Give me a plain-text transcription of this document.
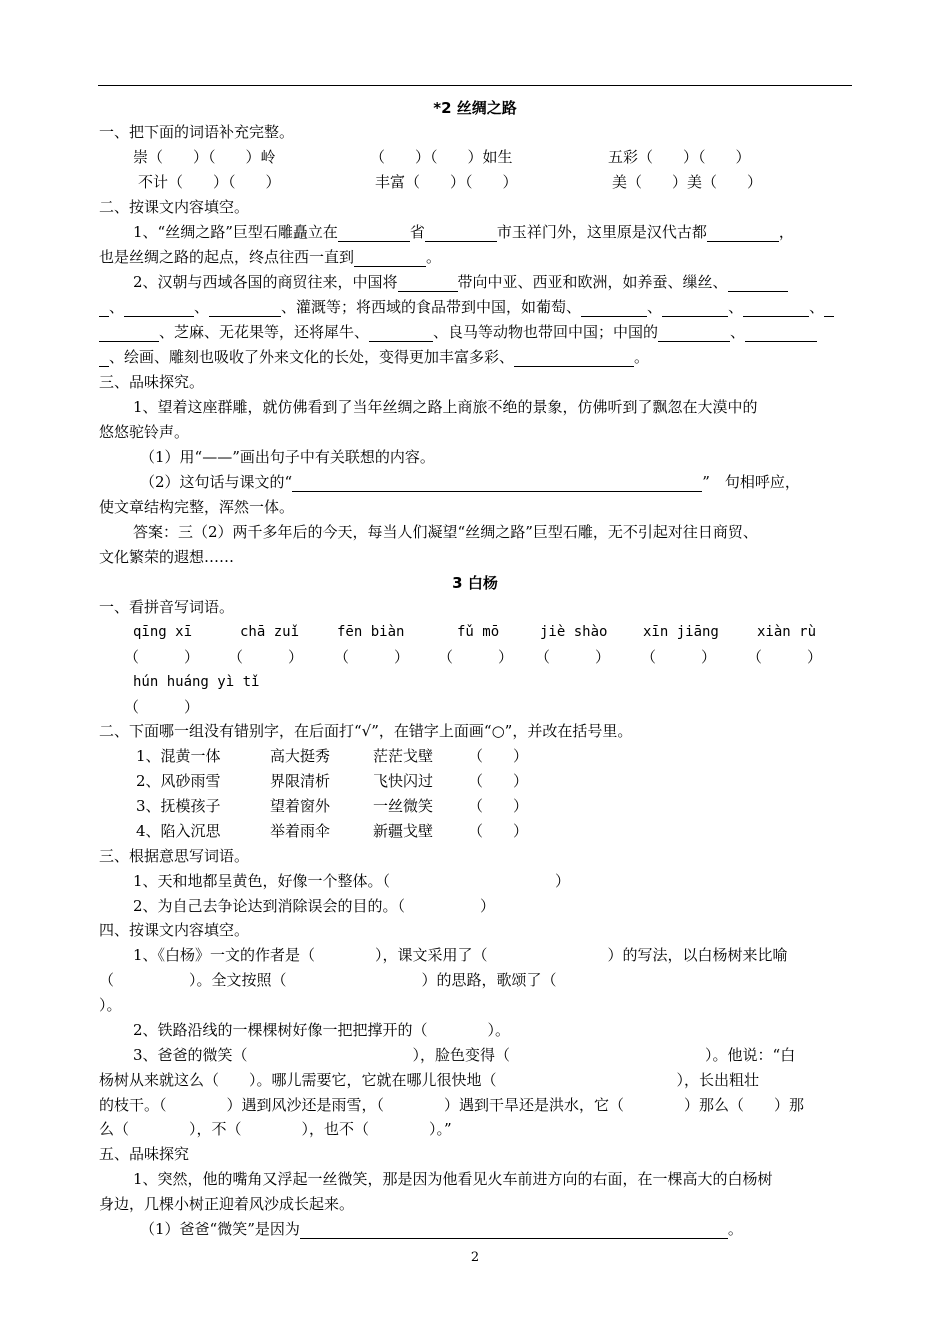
*2 丝绸之路
一、把下面的词语补充完整。
崇（　　）（　　）岭	（　　）（　　）如生	五彩（　　）（　　）
不计（　　）（　　）	丰富（　　）（　　）	美（　　）美（　　）
二、按课文内容填空。
1、“丝绸之路”巨型石雕矗立在	省	市玉祥门外，这里原是汉代古都	，
也是丝绸之路的起点，终点往西一直到	。
2、汉朝与西域各国的商贸往来，中国将	带向中亚、西亚和欧洲，如养蚕、缫丝、
、	、	、灌溉等；将西域的食品带到中国，如葡萄、	、	、	、
、芝麻、无花果等，还将犀牛、	、良马等动物也带回中国；中国的	、
、绘画、雕刻也吸收了外来文化的长处，变得更加丰富多彩、	。
三、品味探究。
1、望着这座群雕，就仿佛看到了当年丝绸之路上商旅不绝的景象，仿佛听到了飘忽在大漠中的
悠悠驼铃声。
（1）用“——”画出句子中有关联想的内容。
（2）这句话与课文的“	”　句相呼应，
使文章结构完整，浑然一体。
答案：三（2）两千多年后的今天，每当人们凝望“丝绸之路”巨型石雕，无不引起对往日商贸、
文化繁荣的遐想……
3 白杨
一、看拼音写词语。
qīng xī	chā zuǐ	fēn biàn	fǔ mō	jiè shào	xīn jiāng	xiàn rù
（　　　） （　　　） （　　　） （　　　） （　　　） （　　　） （　　　）
hún huáng yì tǐ
（　　　）
二、下面哪一组没有错别字，在后面打“√”，在错字上面画“○”，并改在括号里。
1、混黄一体	高大挺秀	茫茫戈壁 （　　）
2、风砂雨雪	界限清析	飞快闪过 （　　）
3、抚模孩子	望着窗外	一丝微笑 （　　）
4、陷入沉思	举着雨伞	新疆戈壁 （　　）
三、根据意思写词语。
1、天和地都呈黄色，好像一个整体。（　　　　　　　　　　　）
2、为自己去争论达到消除误会的目的。（　　　　　）
四、按课文内容填空。
1、《白杨》一文的作者是（　　　　），课文采用了（　　　　　　　　）的写法，以白杨树来比喻
（　　　　　）。全文按照（　　　　　　　　　）的思路，歌颂了（
）。
2、铁路沿线的一棵棵树好像一把把撑开的（　　　　）。
3、爸爸的微笑（　　　　　　　　　　　），脸色变得（　　　　　　　　　　　　　）。他说：“白
杨树从来就这么（　　）。哪儿需要它，它就在哪儿很快地（　　　　　　　　　　　　），长出粗壮
的枝干。（　　　　）遇到风沙还是雨雪，（　　　　）遇到干旱还是洪水，它（　　　　）那么（　　）那
么（　　　　），不（　　　　），也不（　　　　）。”
五、品味探究
1、突然，他的嘴角又浮起一丝微笑，那是因为他看见火车前进方向的右面，在一棵高大的白杨树
身边，几棵小树正迎着风沙成长起来。
（1）爸爸“微笑”是因为	。
2
